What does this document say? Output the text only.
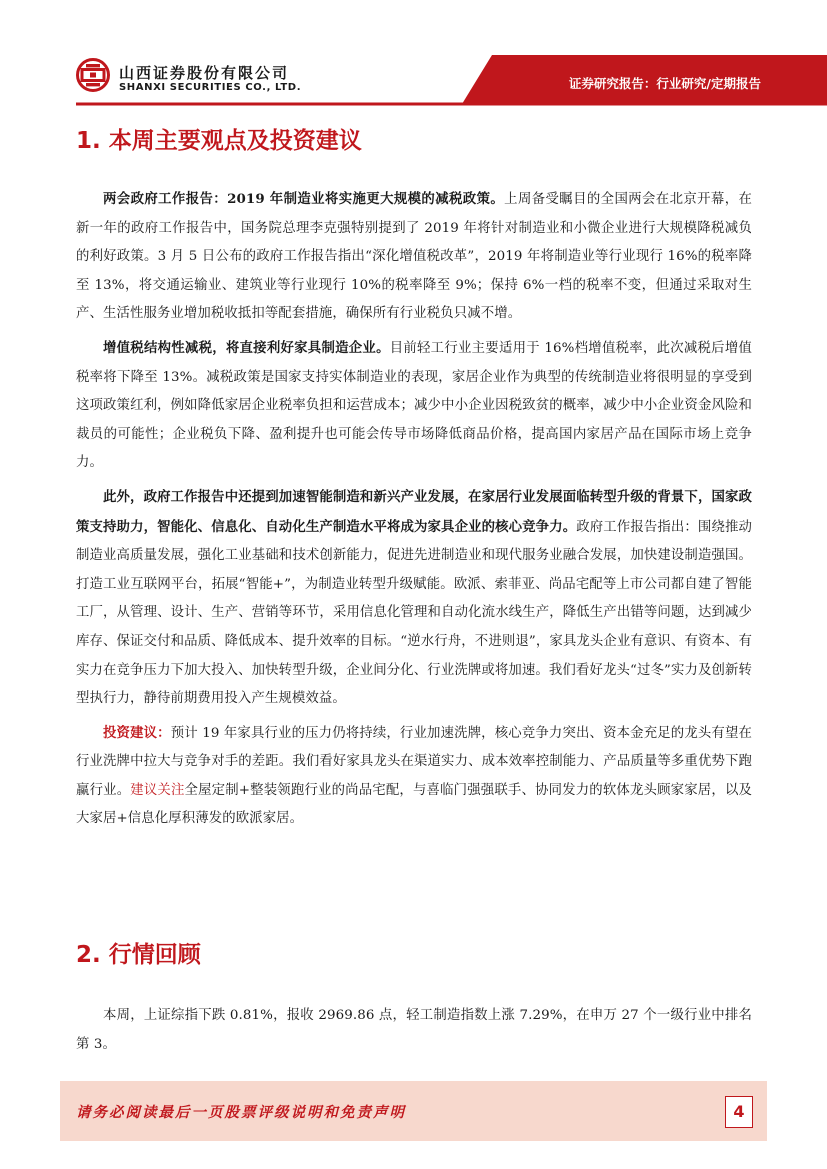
山西证券股份有限公司
SHANXI SECURITIES CO., LTD.	证券研究报告：行业研究/定期报告
1. 本周主要观点及投资建议

两会政府工作报告：2019 年制造业将实施更大规模的减税政策。上周备受瞩目的全国两会在北京开幕，在新一年的政府工作报告中，国务院总理李克强特别提到了 2019 年将针对制造业和小微企业进行大规模降税减负的利好政策。3 月 5 日公布的政府工作报告指出“深化增值税改革”，2019 年将制造业等行业现行 16%的税率降至 13%，将交通运输业、建筑业等行业现行 10%的税率降至 9%；保持 6%一档的税率不变，但通过采取对生产、生活性服务业增加税收抵扣等配套措施，确保所有行业税负只减不增。

增值税结构性减税，将直接利好家具制造企业。目前轻工行业主要适用于 16%档增值税率，此次减税后增值税率将下降至 13%。减税政策是国家支持实体制造业的表现，家居企业作为典型的传统制造业将很明显的享受到这项政策红利，例如降低家居企业税率负担和运营成本；减少中小企业因税致贫的概率，减少中小企业资金风险和裁员的可能性；企业税负下降、盈利提升也可能会传导市场降低商品价格，提高国内家居产品在国际市场上竞争力。

此外，政府工作报告中还提到加速智能制造和新兴产业发展，在家居行业发展面临转型升级的背景下，国家政策支持助力，智能化、信息化、自动化生产制造水平将成为家具企业的核心竞争力。政府工作报告指出：围绕推动制造业高质量发展，强化工业基础和技术创新能力，促进先进制造业和现代服务业融合发展，加快建设制造强国。打造工业互联网平台，拓展“智能+”，为制造业转型升级赋能。欧派、索菲亚、尚品宅配等上市公司都自建了智能工厂，从管理、设计、生产、营销等环节，采用信息化管理和自动化流水线生产，降低生产出错等问题，达到减少库存、保证交付和品质、降低成本、提升效率的目标。“逆水行舟，不进则退”，家具龙头企业有意识、有资本、有实力在竞争压力下加大投入、加快转型升级，企业间分化、行业洗牌或将加速。我们看好龙头“过冬”实力及创新转型执行力，静待前期费用投入产生规模效益。

投资建议：预计 19 年家具行业的压力仍将持续，行业加速洗牌，核心竞争力突出、资本金充足的龙头有望在行业洗牌中拉大与竞争对手的差距。我们看好家具龙头在渠道实力、成本效率控制能力、产品质量等多重优势下跑赢行业。建议关注全屋定制+整装领跑行业的尚品宅配，与喜临门强强联手、协同发力的软体龙头顾家家居，以及大家居+信息化厚积薄发的欧派家居。

2. 行情回顾

本周，上证综指下跌 0.81%，报收 2969.86 点，轻工制造指数上涨 7.29%，在申万 27 个一级行业中排名第 3。

请务必阅读最后一页股票评级说明和免责声明	4
